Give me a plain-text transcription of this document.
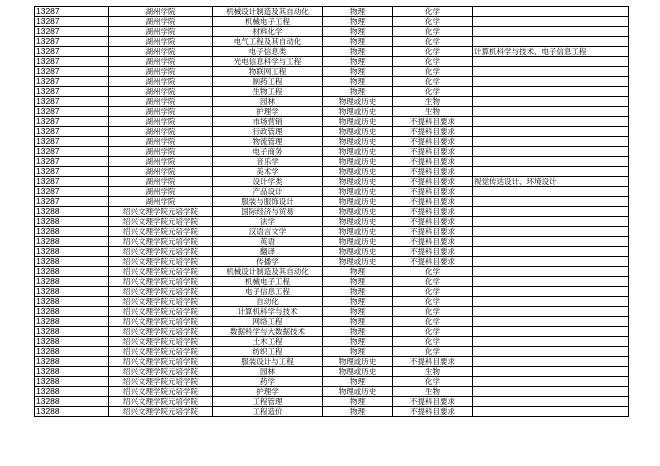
13287	湖州学院	机械设计制造及其自动化	物理	化学	
13287	湖州学院	机械电子工程	物理	化学	
13287	湖州学院	材料化学	物理	化学	
13287	湖州学院	电气工程及其自动化	物理	化学	
13287	湖州学院	电子信息类	物理	化学	计算机科学与技术、电子信息工程
13287	湖州学院	光电信息科学与工程	物理	化学	
13287	湖州学院	物联网工程	物理	化学	
13287	湖州学院	制药工程	物理	化学	
13287	湖州学院	生物工程	物理	化学	
13287	湖州学院	园林	物理或历史	生物	
13287	湖州学院	护理学	物理或历史	生物	
13287	湖州学院	市场营销	物理或历史	不提科目要求	
13287	湖州学院	行政管理	物理或历史	不提科目要求	
13287	湖州学院	物流管理	物理或历史	不提科目要求	
13287	湖州学院	电子商务	物理或历史	不提科目要求	
13287	湖州学院	音乐学	物理或历史	不提科目要求	
13287	湖州学院	美术学	物理或历史	不提科目要求	
13287	湖州学院	设计学类	物理或历史	不提科目要求	视觉传达设计、环境设计
13287	湖州学院	产品设计	物理或历史	不提科目要求	
13287	湖州学院	服装与服饰设计	物理或历史	不提科目要求	
13288	绍兴文理学院元培学院	国际经济与贸易	物理或历史	不提科目要求	
13288	绍兴文理学院元培学院	法学	物理或历史	不提科目要求	
13288	绍兴文理学院元培学院	汉语言文学	物理或历史	不提科目要求	
13288	绍兴文理学院元培学院	英语	物理或历史	不提科目要求	
13288	绍兴文理学院元培学院	翻译	物理或历史	不提科目要求	
13288	绍兴文理学院元培学院	传播学	物理或历史	不提科目要求	
13288	绍兴文理学院元培学院	机械设计制造及其自动化	物理	化学	
13288	绍兴文理学院元培学院	机械电子工程	物理	化学	
13288	绍兴文理学院元培学院	电子信息工程	物理	化学	
13288	绍兴文理学院元培学院	自动化	物理	化学	
13288	绍兴文理学院元培学院	计算机科学与技术	物理	化学	
13288	绍兴文理学院元培学院	网络工程	物理	化学	
13288	绍兴文理学院元培学院	数据科学与大数据技术	物理	化学	
13288	绍兴文理学院元培学院	土木工程	物理	化学	
13288	绍兴文理学院元培学院	纺织工程	物理	化学	
13288	绍兴文理学院元培学院	服装设计与工程	物理或历史	不提科目要求	
13288	绍兴文理学院元培学院	园林	物理或历史	生物	
13288	绍兴文理学院元培学院	药学	物理	化学	
13288	绍兴文理学院元培学院	护理学	物理或历史	生物	
13288	绍兴文理学院元培学院	工程管理	物理	不提科目要求	
13288	绍兴文理学院元培学院	工程造价	物理	不提科目要求	
